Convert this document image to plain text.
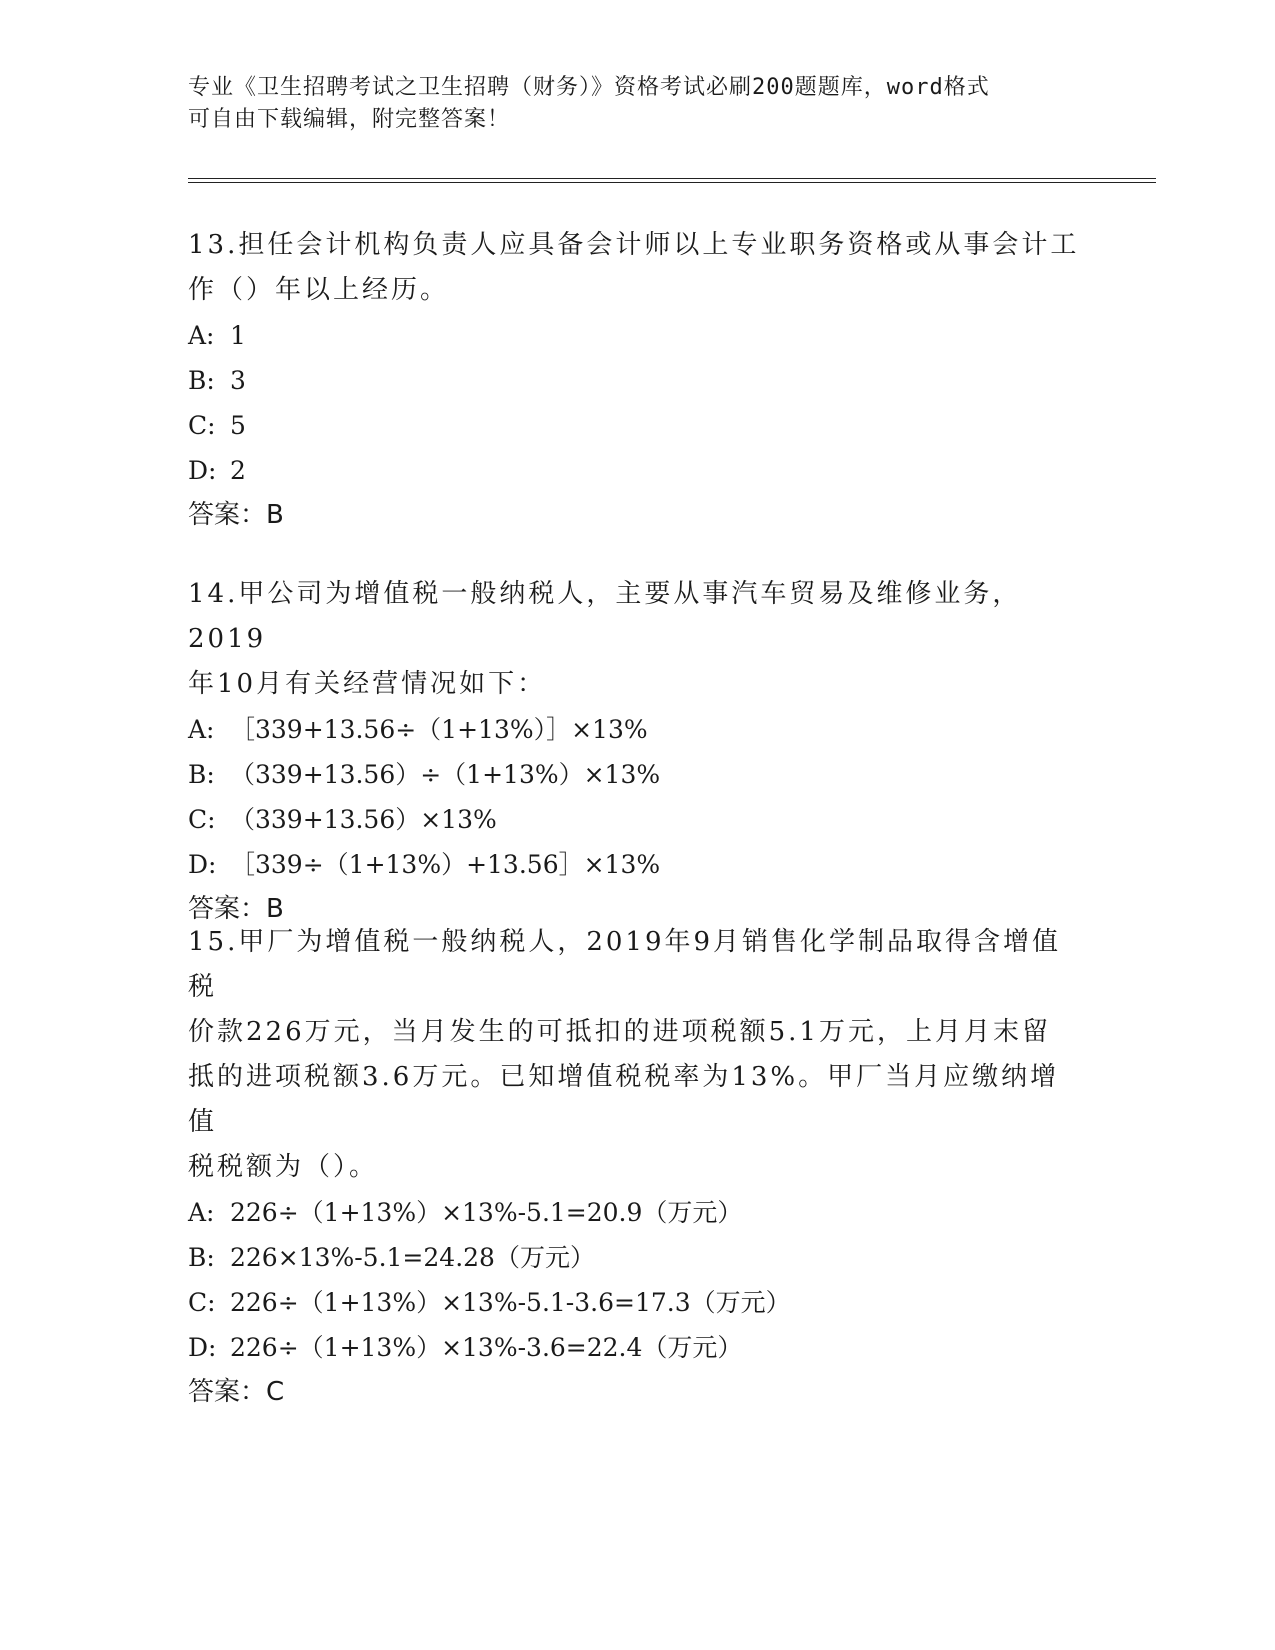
专业《卫生招聘考试之卫生招聘（财务）》资格考试必刷200题题库，word格式
可自由下载编辑，附完整答案！

13.担任会计机构负责人应具备会计师以上专业职务资格或从事会计工

作（）年以上经历。

A: 1
B: 3
C: 5
D: 2
答案：B

14.甲公司为增值税一般纳税人，主要从事汽车贸易及维修业务，2019

年10月有关经营情况如下：

A: ［339+13.56÷（1+13%）］×13%
B: （339+13.56）÷（1+13%）×13%
C: （339+13.56）×13%
D: ［339÷（1+13%）+13.56］×13%
答案：B

15.甲厂为增值税一般纳税人，2019年9月销售化学制品取得含增值税

价款226万元，当月发生的可抵扣的进项税额5.1万元，上月月末留

抵的进项税额3.6万元。已知增值税税率为13%。甲厂当月应缴纳增值

税税额为（）。

A: 226÷（1+13%）×13%-5.1=20.9（万元）
B: 226×13%-5.1=24.28（万元）
C: 226÷（1+13%）×13%-5.1-3.6=17.3（万元）
D: 226÷（1+13%）×13%-3.6=22.4（万元）
答案：C
